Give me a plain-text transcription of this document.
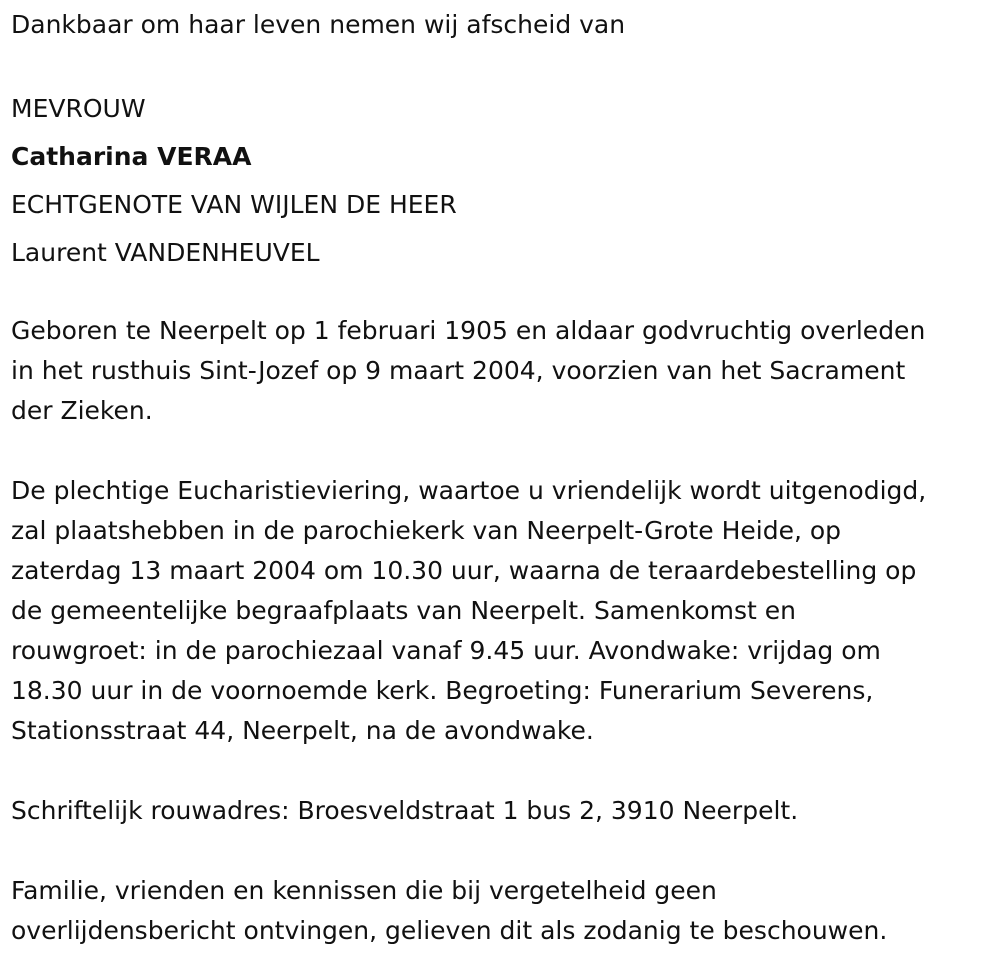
Dankbaar om haar leven nemen wij afscheid van
MEVROUW
Catharina VERAA
ECHTGENOTE VAN WIJLEN DE HEER
Laurent VANDENHEUVEL
Geboren te Neerpelt op 1 februari 1905 en aldaar godvruchtig overleden
in het rusthuis Sint-Jozef op 9 maart 2004, voorzien van het Sacrament
der Zieken.
De plechtige Eucharistieviering, waartoe u vriendelijk wordt uitgenodigd,
zal plaatshebben in de parochiekerk van Neerpelt-Grote Heide, op
zaterdag 13 maart 2004 om 10.30 uur, waarna de teraardebestelling op
de gemeentelijke begraafplaats van Neerpelt. Samenkomst en
rouwgroet: in de parochiezaal vanaf 9.45 uur. Avondwake: vrijdag om
18.30 uur in de voornoemde kerk. Begroeting: Funerarium Severens,
Stationsstraat 44, Neerpelt, na de avondwake.
Schriftelijk rouwadres: Broesveldstraat 1 bus 2, 3910 Neerpelt.
Familie, vrienden en kennissen die bij vergetelheid geen
overlijdensbericht ontvingen, gelieven dit als zodanig te beschouwen.
